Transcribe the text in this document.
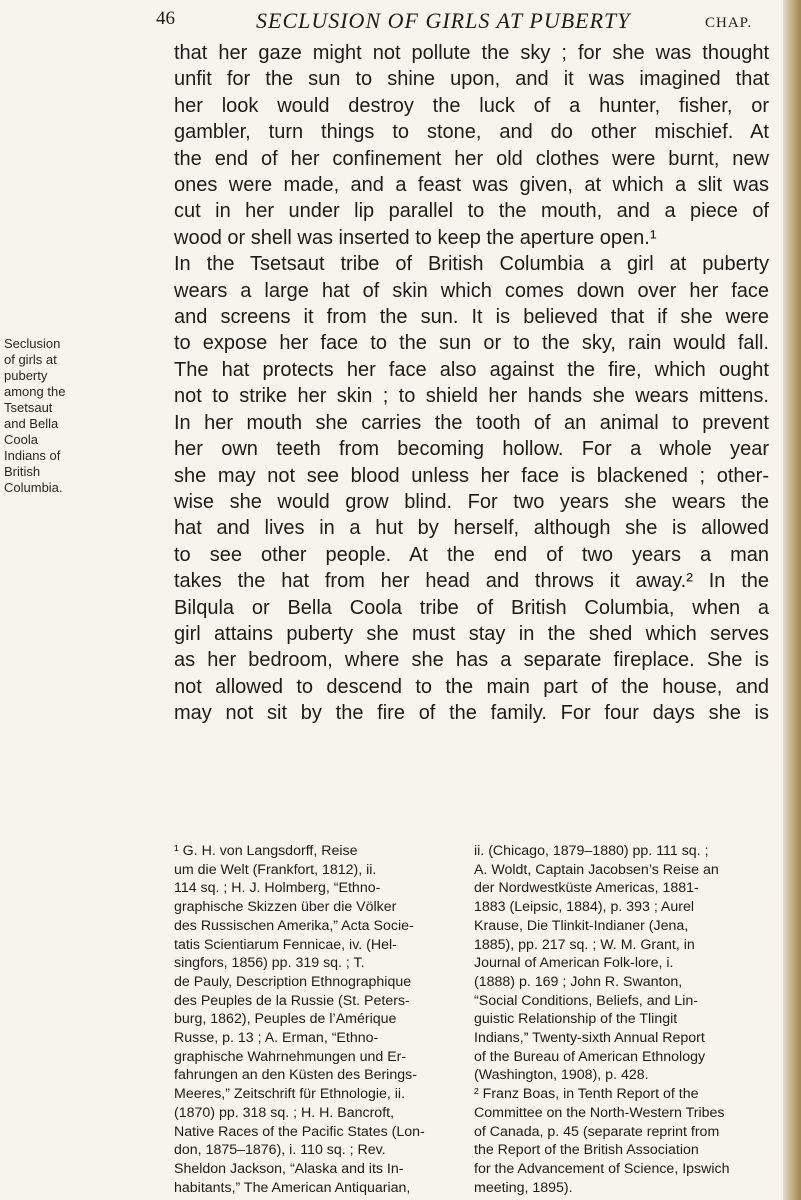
46	SECLUSION OF GIRLS AT PUBERTY	CHAP.
Seclusion
of girls at
puberty
among the
Tsetsaut
and Bella
Coola
Indians of
British
Columbia.
that her gaze might not pollute the sky ; for she was thought
unfit for the sun to shine upon, and it was imagined that
her look would destroy the luck of a hunter, fisher, or
gambler, turn things to stone, and do other mischief. At
the end of her confinement her old clothes were burnt, new
ones were made, and a feast was given, at which a slit was
cut in her under lip parallel to the mouth, and a piece of
wood or shell was inserted to keep the aperture open.¹
In the Tsetsaut tribe of British Columbia a girl at puberty
wears a large hat of skin which comes down over her face
and screens it from the sun. It is believed that if she were
to expose her face to the sun or to the sky, rain would fall.
The hat protects her face also against the fire, which ought
not to strike her skin ; to shield her hands she wears mittens.
In her mouth she carries the tooth of an animal to prevent
her own teeth from becoming hollow. For a whole year
she may not see blood unless her face is blackened ; other-
wise she would grow blind. For two years she wears the
hat and lives in a hut by herself, although she is allowed
to see other people. At the end of two years a man
takes the hat from her head and throws it away.² In the
Bilqula or Bella Coola tribe of British Columbia, when a
girl attains puberty she must stay in the shed which serves
as her bedroom, where she has a separate fireplace. She is
not allowed to descend to the main part of the house, and
may not sit by the fire of the family. For four days she is
¹ G. H. von Langsdorff, Reise
um die Welt (Frankfort, 1812), ii.
114 sq. ; H. J. Holmberg, “Ethno-
graphische Skizzen über die Völker
des Russischen Amerika,” Acta Socie-
tatis Scientiarum Fennicae, iv. (Hel-
singfors, 1856) pp. 319 sq. ; T.
de Pauly, Description Ethnographique
des Peuples de la Russie (St. Peters-
burg, 1862), Peuples de l’Amérique
Russe, p. 13 ; A. Erman, “Ethno-
graphische Wahrnehmungen und Er-
fahrungen an den Küsten des Berings-
Meeres,” Zeitschrift für Ethnologie, ii.
(1870) pp. 318 sq. ; H. H. Bancroft,
Native Races of the Pacific States (Lon-
don, 1875–1876), i. 110 sq. ; Rev.
Sheldon Jackson, “Alaska and its In-
habitants,” The American Antiquarian,
ii. (Chicago, 1879–1880) pp. 111 sq. ;
A. Woldt, Captain Jacobsen’s Reise an
der Nordwestküste Americas, 1881-
1883 (Leipsic, 1884), p. 393 ; Aurel
Krause, Die Tlinkit-Indianer (Jena,
1885), pp. 217 sq. ; W. M. Grant, in
Journal of American Folk-lore, i.
(1888) p. 169 ; John R. Swanton,
“Social Conditions, Beliefs, and Lin-
guistic Relationship of the Tlingit
Indians,” Twenty-sixth Annual Report
of the Bureau of American Ethnology
(Washington, 1908), p. 428.
² Franz Boas, in Tenth Report of the
Committee on the North-Western Tribes
of Canada, p. 45 (separate reprint from
the Report of the British Association
for the Advancement of Science, Ipswich
meeting, 1895).
